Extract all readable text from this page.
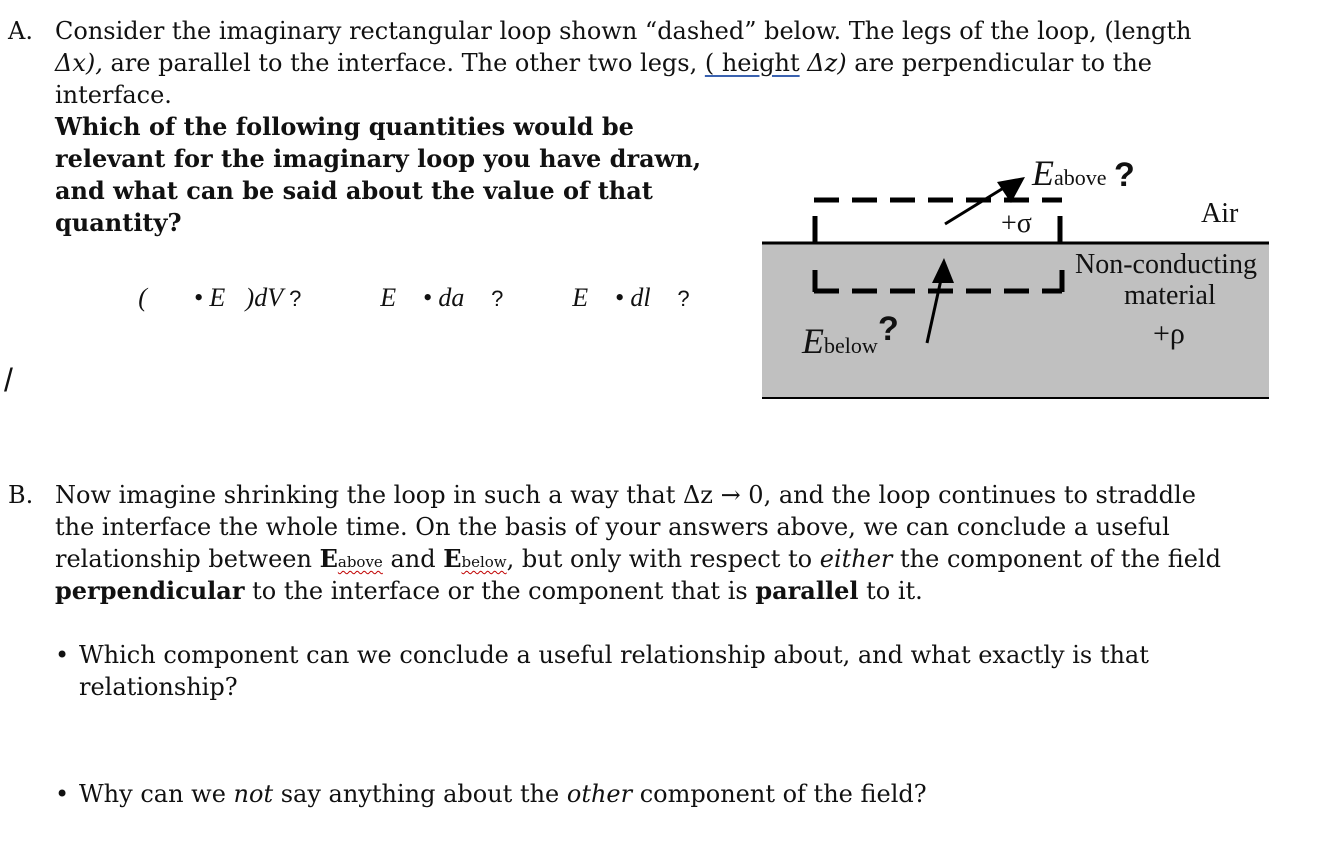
A. Consider the imaginary rectangular loop shown “dashed” below. The legs of the loop, (length
Δx), are parallel to the interface. The other two legs, ( height Δz) are perpendicular to the
interface.
Which of the following quantities would be
relevant for the imaginary loop you have drawn,
and what can be said about the value of that
quantity?
∮(∇⃗ • E⃗)dV ? ∮E⃗ • da⃗ ? ∮E⃗ • dl⃗ ?
/
Eabove ?
+σ	Air
Non-conducting
material
+ρ
Ebelow ?
B. Now imagine shrinking the loop in such a way that Δz → 0, and the loop continues to straddle
the interface the whole time. On the basis of your answers above, we can conclude a useful
relationship between Eabove and Ebelow, but only with respect to either the component of the field
perpendicular to the interface or the component that is parallel to it.
• Which component can we conclude a useful relationship about, and what exactly is that
relationship?
• Why can we not say anything about the other component of the field?
